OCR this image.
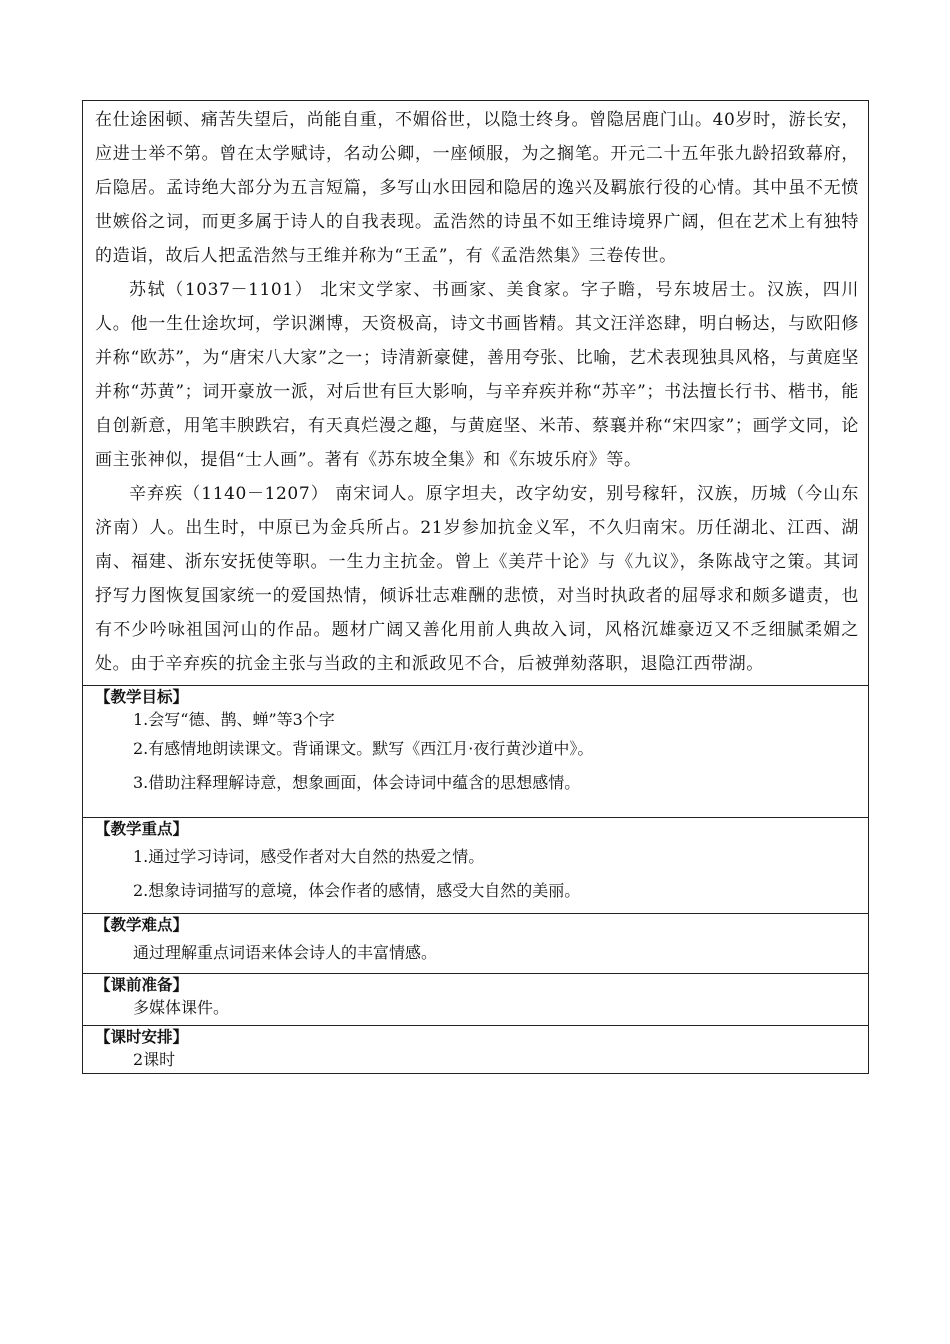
在仕途困顿、痛苦失望后，尚能自重，不媚俗世，以隐士终身。曾隐居鹿门山。40岁时，游长安，应进士举不第。曾在太学赋诗，名动公卿，一座倾服，为之搁笔。开元二十五年张九龄招致幕府，后隐居。孟诗绝大部分为五言短篇，多写山水田园和隐居的逸兴及羁旅行役的心情。其中虽不无愤世嫉俗之词，而更多属于诗人的自我表现。孟浩然的诗虽不如王维诗境界广阔，但在艺术上有独特的造诣，故后人把孟浩然与王维并称为“王孟”，有《孟浩然集》三卷传世。

苏轼（1037－1101） 北宋文学家、书画家、美食家。字子瞻，号东坡居士。汉族，四川人。他一生仕途坎坷，学识渊博，天资极高，诗文书画皆精。其文汪洋恣肆，明白畅达，与欧阳修并称“欧苏”，为“唐宋八大家”之一；诗清新豪健，善用夸张、比喻，艺术表现独具风格，与黄庭坚并称“苏黄”；词开豪放一派，对后世有巨大影响，与辛弃疾并称“苏辛”；书法擅长行书、楷书，能自创新意，用笔丰腴跌宕，有天真烂漫之趣，与黄庭坚、米芾、蔡襄并称“宋四家”；画学文同，论画主张神似，提倡“士人画”。著有《苏东坡全集》和《东坡乐府》等。

辛弃疾（1140－1207） 南宋词人。原字坦夫，改字幼安，别号稼轩，汉族，历城（今山东济南）人。出生时，中原已为金兵所占。21岁参加抗金义军，不久归南宋。历任湖北、江西、湖南、福建、浙东安抚使等职。一生力主抗金。曾上《美芹十论》与《九议》，条陈战守之策。其词抒写力图恢复国家统一的爱国热情，倾诉壮志难酬的悲愤，对当时执政者的屈辱求和颇多谴责，也有不少吟咏祖国河山的作品。题材广阔又善化用前人典故入词，风格沉雄豪迈又不乏细腻柔媚之处。由于辛弃疾的抗金主张与当政的主和派政见不合，后被弹劾落职，退隐江西带湖。

【教学目标】
1.会写“德、鹊、蝉”等3个字
2.有感情地朗读课文。背诵课文。默写《西江月·夜行黄沙道中》。
3.借助注释理解诗意，想象画面，体会诗词中蕴含的思想感情。
【教学重点】
1.通过学习诗词，感受作者对大自然的热爱之情。
2.想象诗词描写的意境，体会作者的感情，感受大自然的美丽。
【教学难点】
通过理解重点词语来体会诗人的丰富情感。
【课前准备】
多媒体课件。
【课时安排】
2课时
